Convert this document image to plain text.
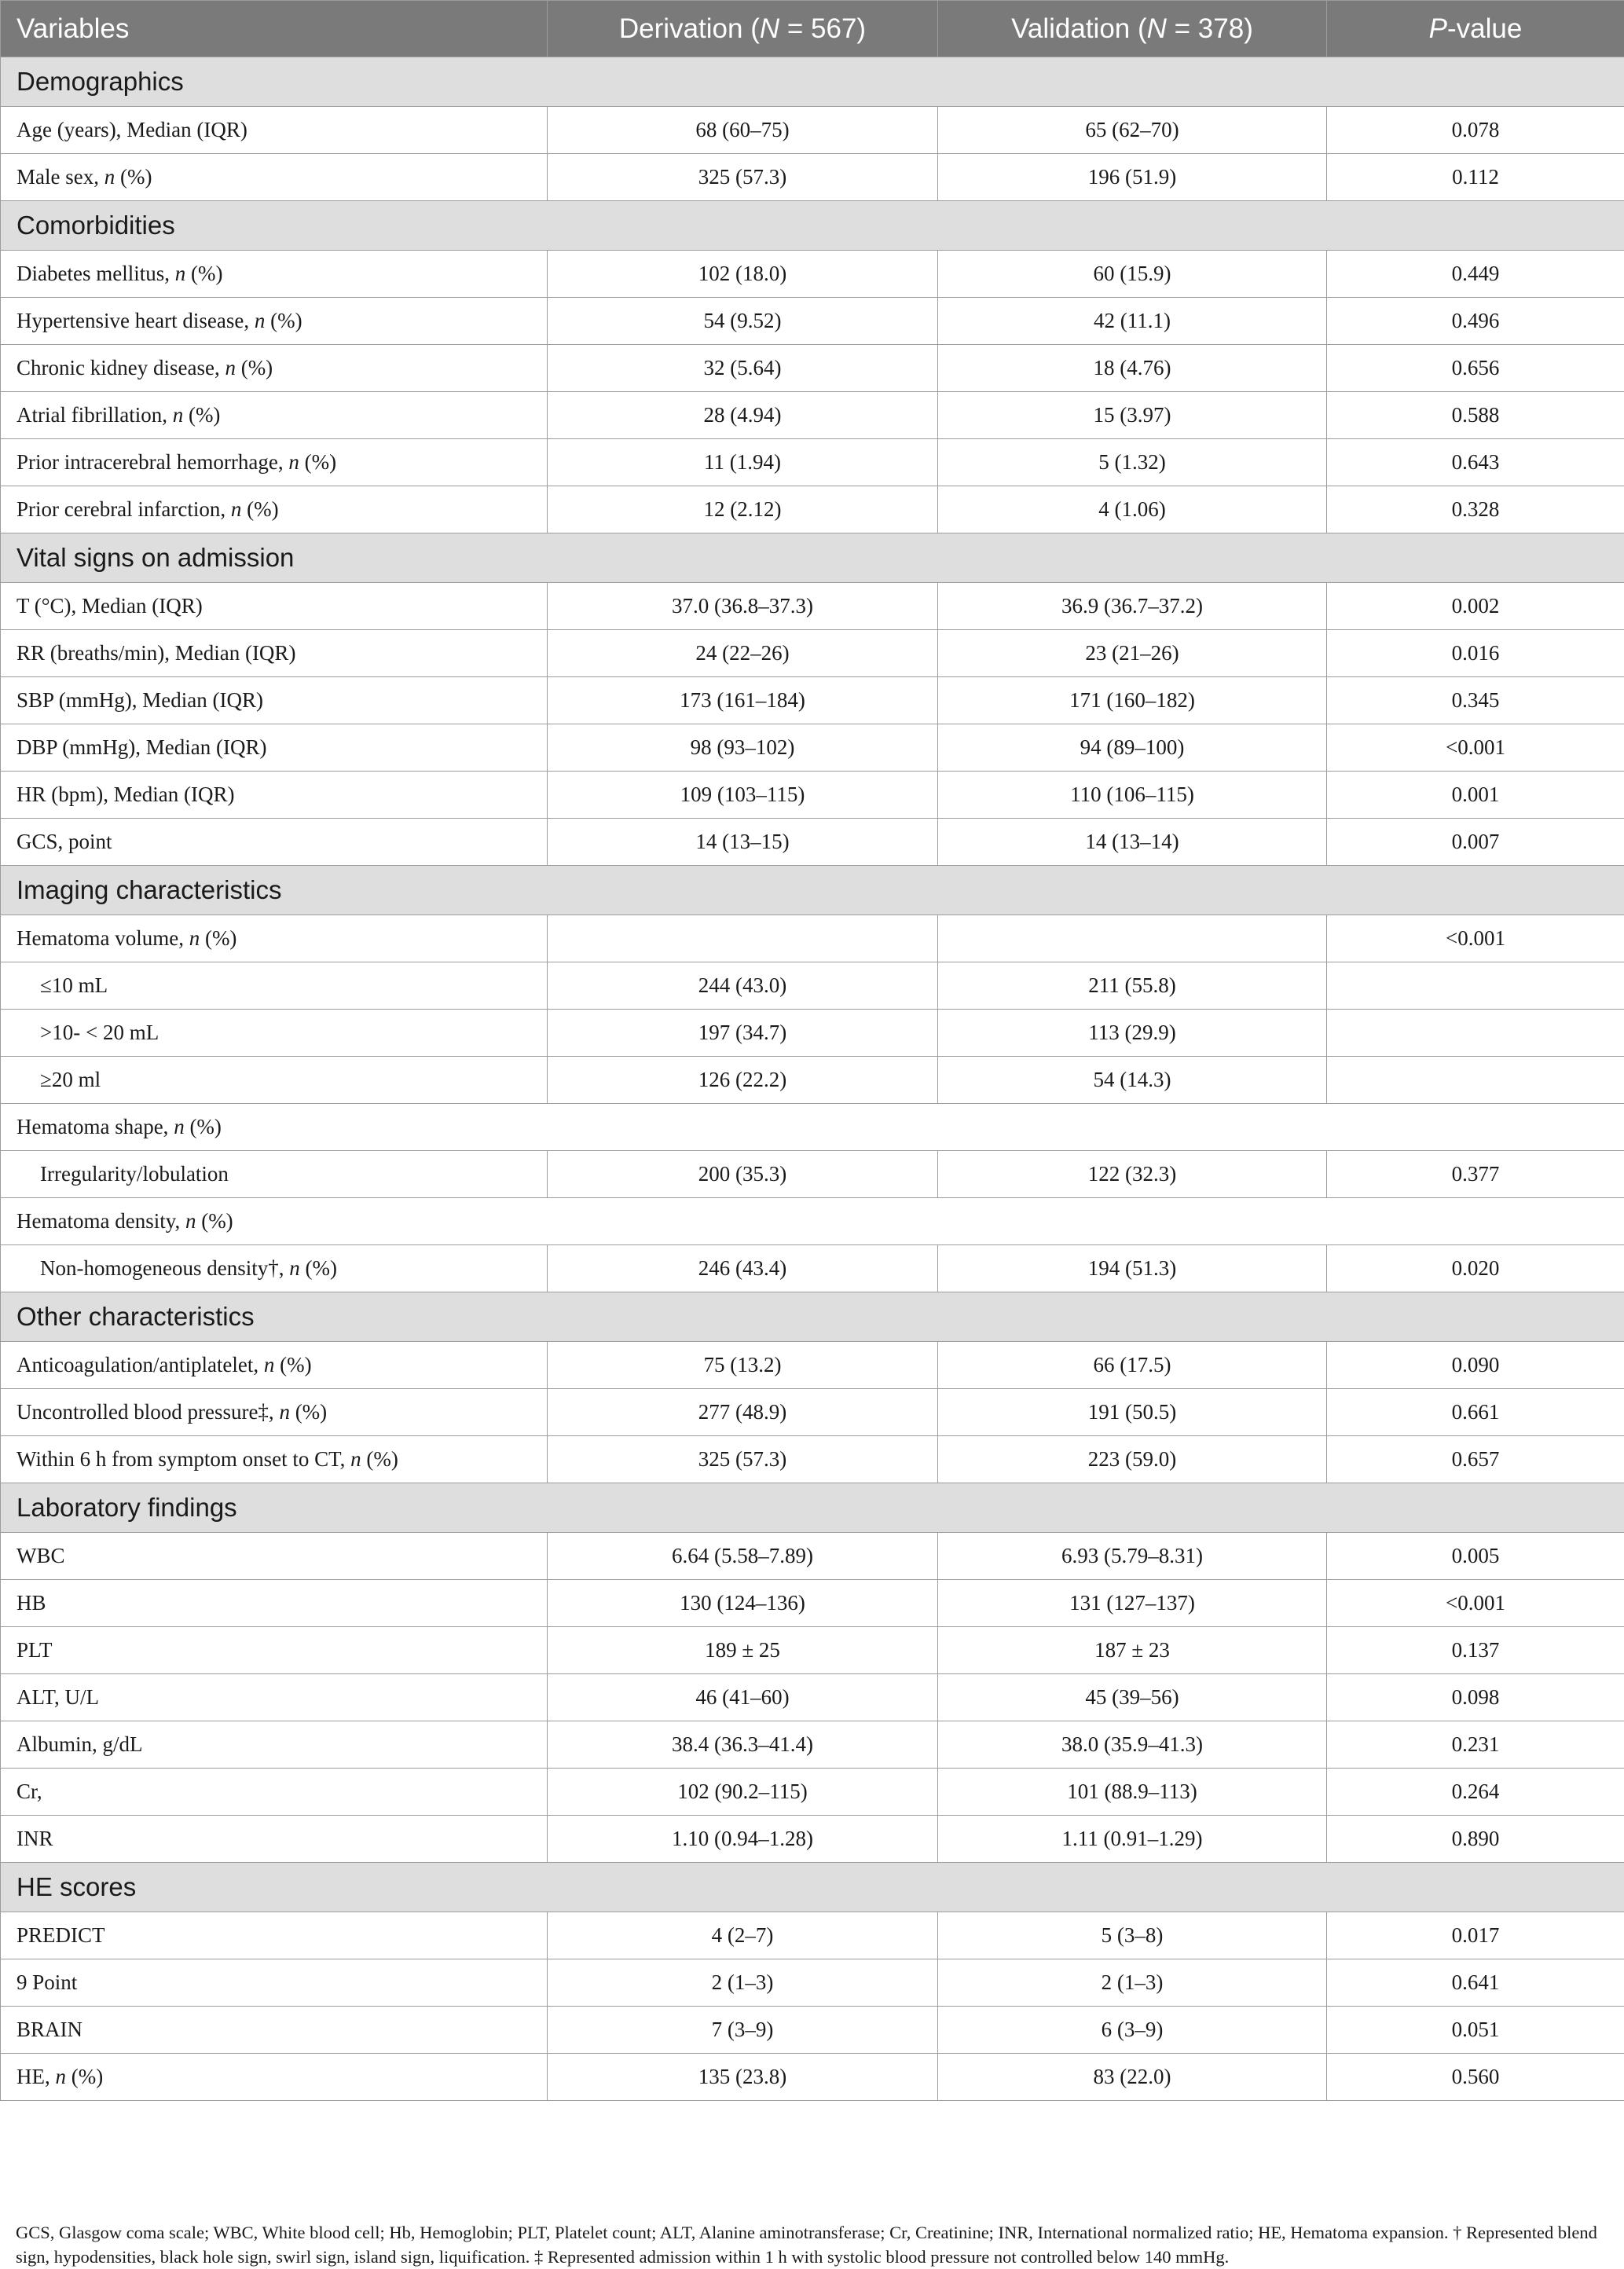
Variables	Derivation (N = 567)	Validation (N = 378)	P-value
Demographics			
Age (years), Median (IQR)	68 (60–75)	65 (62–70)	0.078
Male sex, n (%)	325 (57.3)	196 (51.9)	0.112
Comorbidities			
Diabetes mellitus, n (%)	102 (18.0)	60 (15.9)	0.449
Hypertensive heart disease, n (%)	54 (9.52)	42 (11.1)	0.496
Chronic kidney disease, n (%)	32 (5.64)	18 (4.76)	0.656
Atrial fibrillation, n (%)	28 (4.94)	15 (3.97)	0.588
Prior intracerebral hemorrhage, n (%)	11 (1.94)	5 (1.32)	0.643
Prior cerebral infarction, n (%)	12 (2.12)	4 (1.06)	0.328
Vital signs on admission			
T (°C), Median (IQR)	37.0 (36.8–37.3)	36.9 (36.7–37.2)	0.002
RR (breaths/min), Median (IQR)	24 (22–26)	23 (21–26)	0.016
SBP (mmHg), Median (IQR)	173 (161–184)	171 (160–182)	0.345
DBP (mmHg), Median (IQR)	98 (93–102)	94 (89–100)	<0.001
HR (bpm), Median (IQR)	109 (103–115)	110 (106–115)	0.001
GCS, point	14 (13–15)	14 (13–14)	0.007
Imaging characteristics			
Hematoma volume, n (%)			<0.001
≤10 mL	244 (43.0)	211 (55.8)	
>10- < 20 mL	197 (34.7)	113 (29.9)	
≥20 ml	126 (22.2)	54 (14.3)	
Hematoma shape, n (%)			
Irregularity/lobulation	200 (35.3)	122 (32.3)	0.377
Hematoma density, n (%)			
Non-homogeneous density†, n (%)	246 (43.4)	194 (51.3)	0.020
Other characteristics			
Anticoagulation/antiplatelet, n (%)	75 (13.2)	66 (17.5)	0.090
Uncontrolled blood pressure‡, n (%)	277 (48.9)	191 (50.5)	0.661
Within 6 h from symptom onset to CT, n (%)	325 (57.3)	223 (59.0)	0.657
Laboratory findings			
WBC	6.64 (5.58–7.89)	6.93 (5.79–8.31)	0.005
HB	130 (124–136)	131 (127–137)	<0.001
PLT	189 ± 25	187 ± 23	0.137
ALT, U/L	46 (41–60)	45 (39–56)	0.098
Albumin, g/dL	38.4 (36.3–41.4)	38.0 (35.9–41.3)	0.231
Cr,	102 (90.2–115)	101 (88.9–113)	0.264
INR	1.10 (0.94–1.28)	1.11 (0.91–1.29)	0.890
HE scores			
PREDICT	4 (2–7)	5 (3–8)	0.017
9 Point	2 (1–3)	2 (1–3)	0.641
BRAIN	7 (3–9)	6 (3–9)	0.051
HE, n (%)	135 (23.8)	83 (22.0)	0.560

GCS, Glasgow coma scale; WBC, White blood cell; Hb, Hemoglobin; PLT, Platelet count; ALT, Alanine aminotransferase; Cr, Creatinine; INR, International normalized ratio; HE, Hematoma expansion. † Represented blend sign, hypodensities, black hole sign, swirl sign, island sign, liquification. ‡ Represented admission within 1 h with systolic blood pressure not controlled below 140 mmHg.
